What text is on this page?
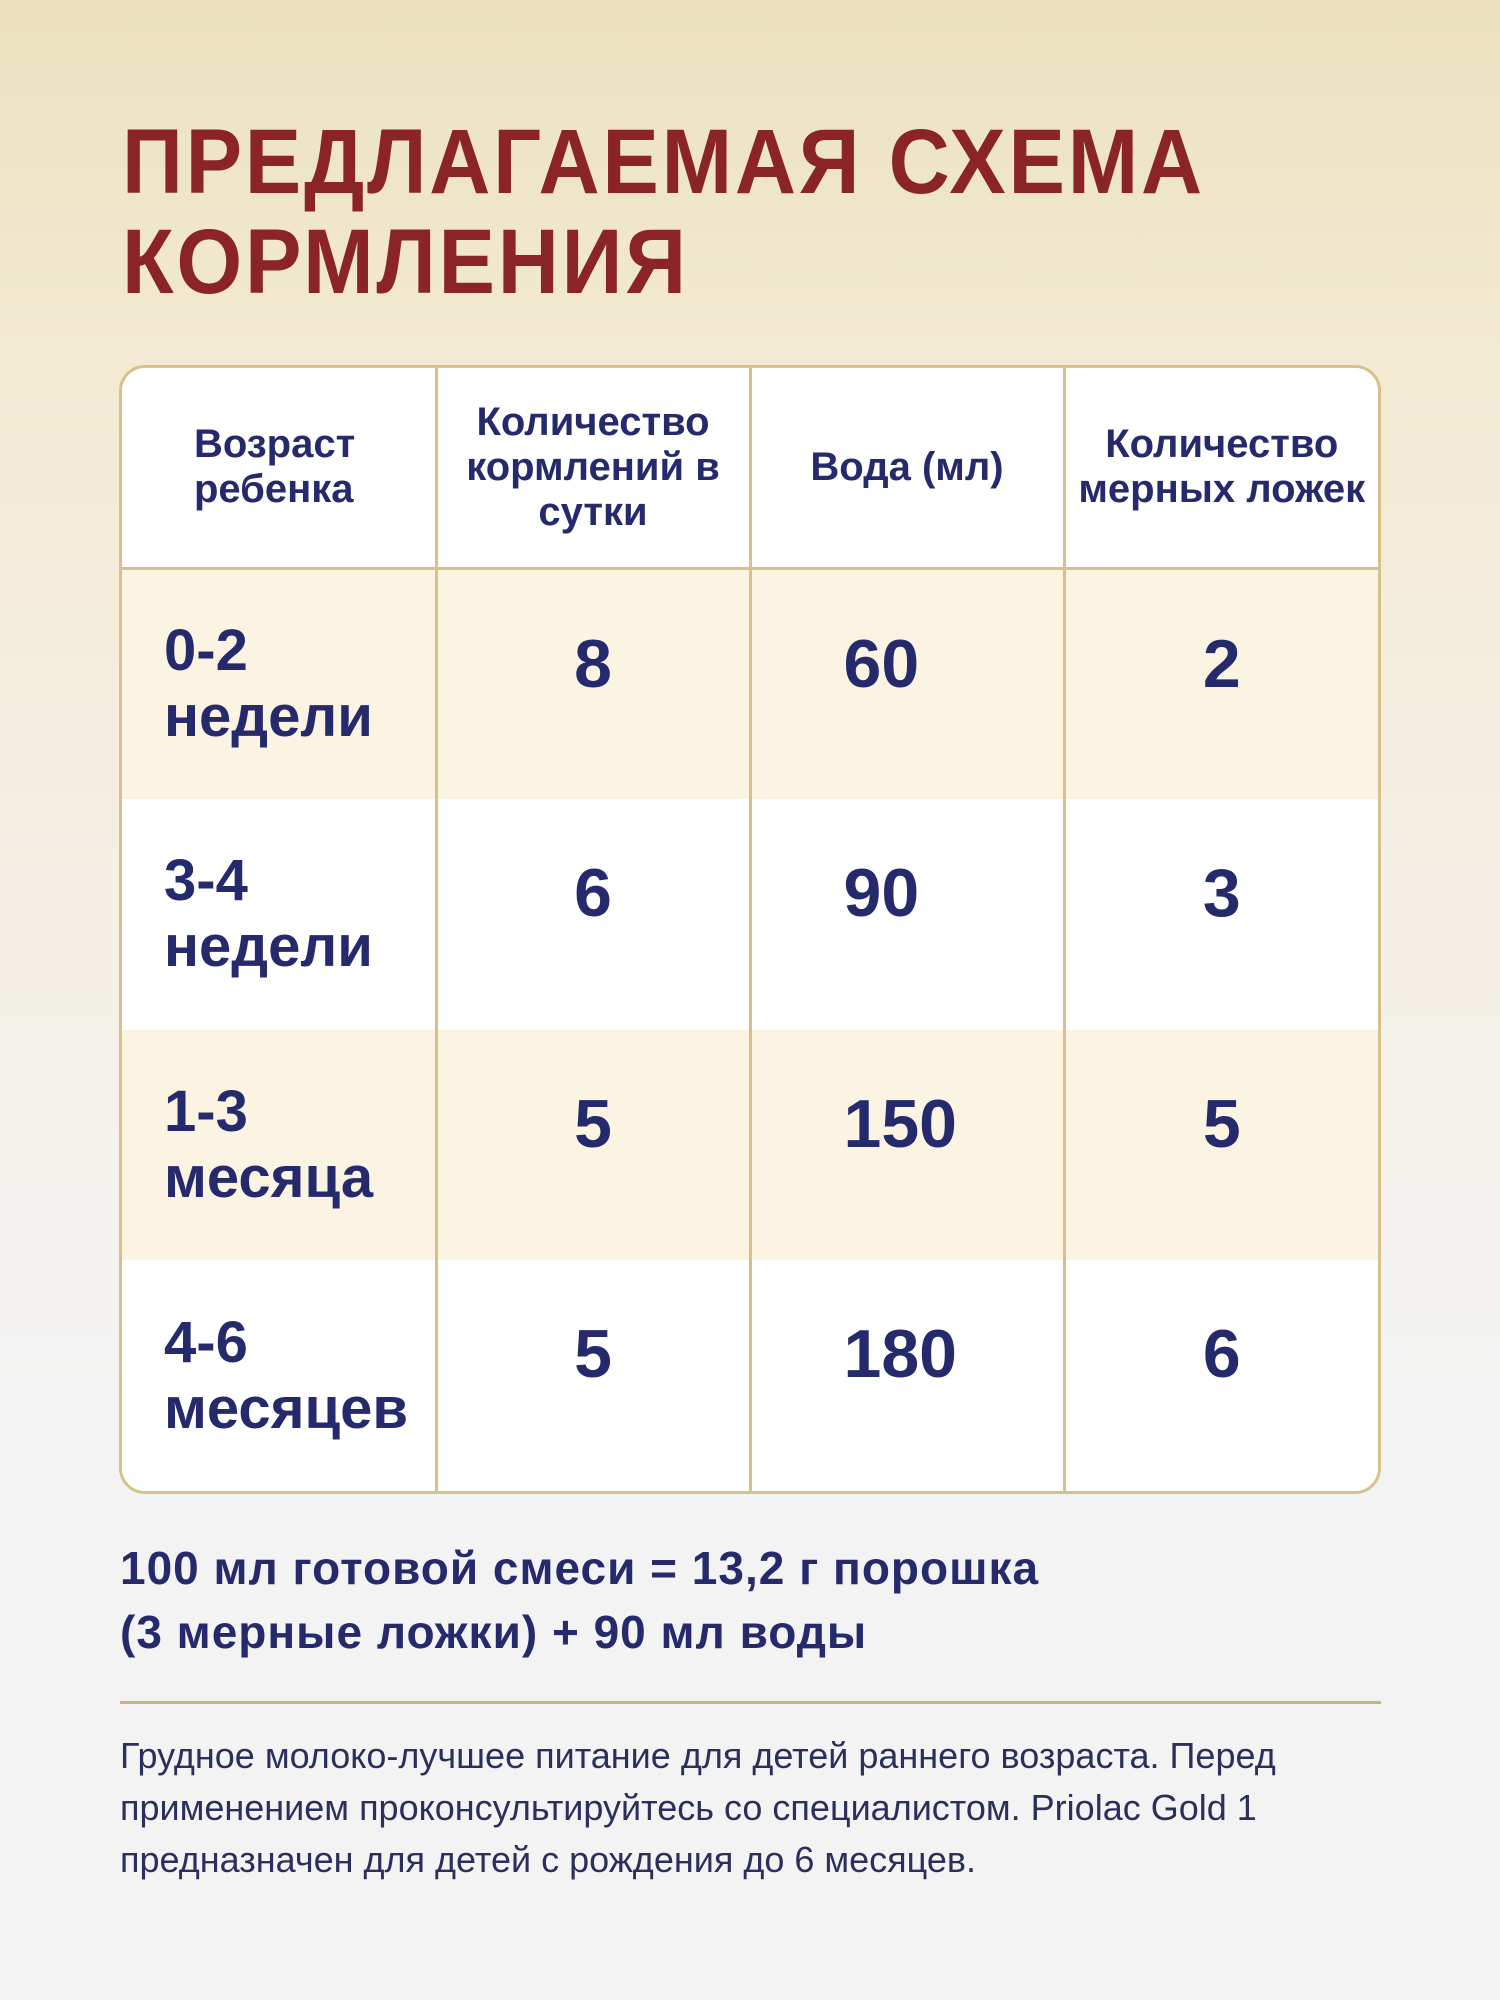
ПРЕДЛАГАЕМАЯ СХЕМА
КОРМЛЕНИЯ
Возраст ребенка	Количество кормлений в сутки	Вода (мл)	Количество мерных ложек

0-2
недели	8	60	2

3-4
недели	6	90	3

1-3
месяца	5	150	5

4-6
месяцев	5	180	6

100 мл готовой смеси = 13,2 г порошка
(3 мерные ложки) + 90 мл воды

Грудное молоко-лучшее питание для детей раннего возраста. Перед применением проконсультируйтесь со специалистом. Priolac Gold 1 предназначен для детей с рождения до 6 месяцев.
